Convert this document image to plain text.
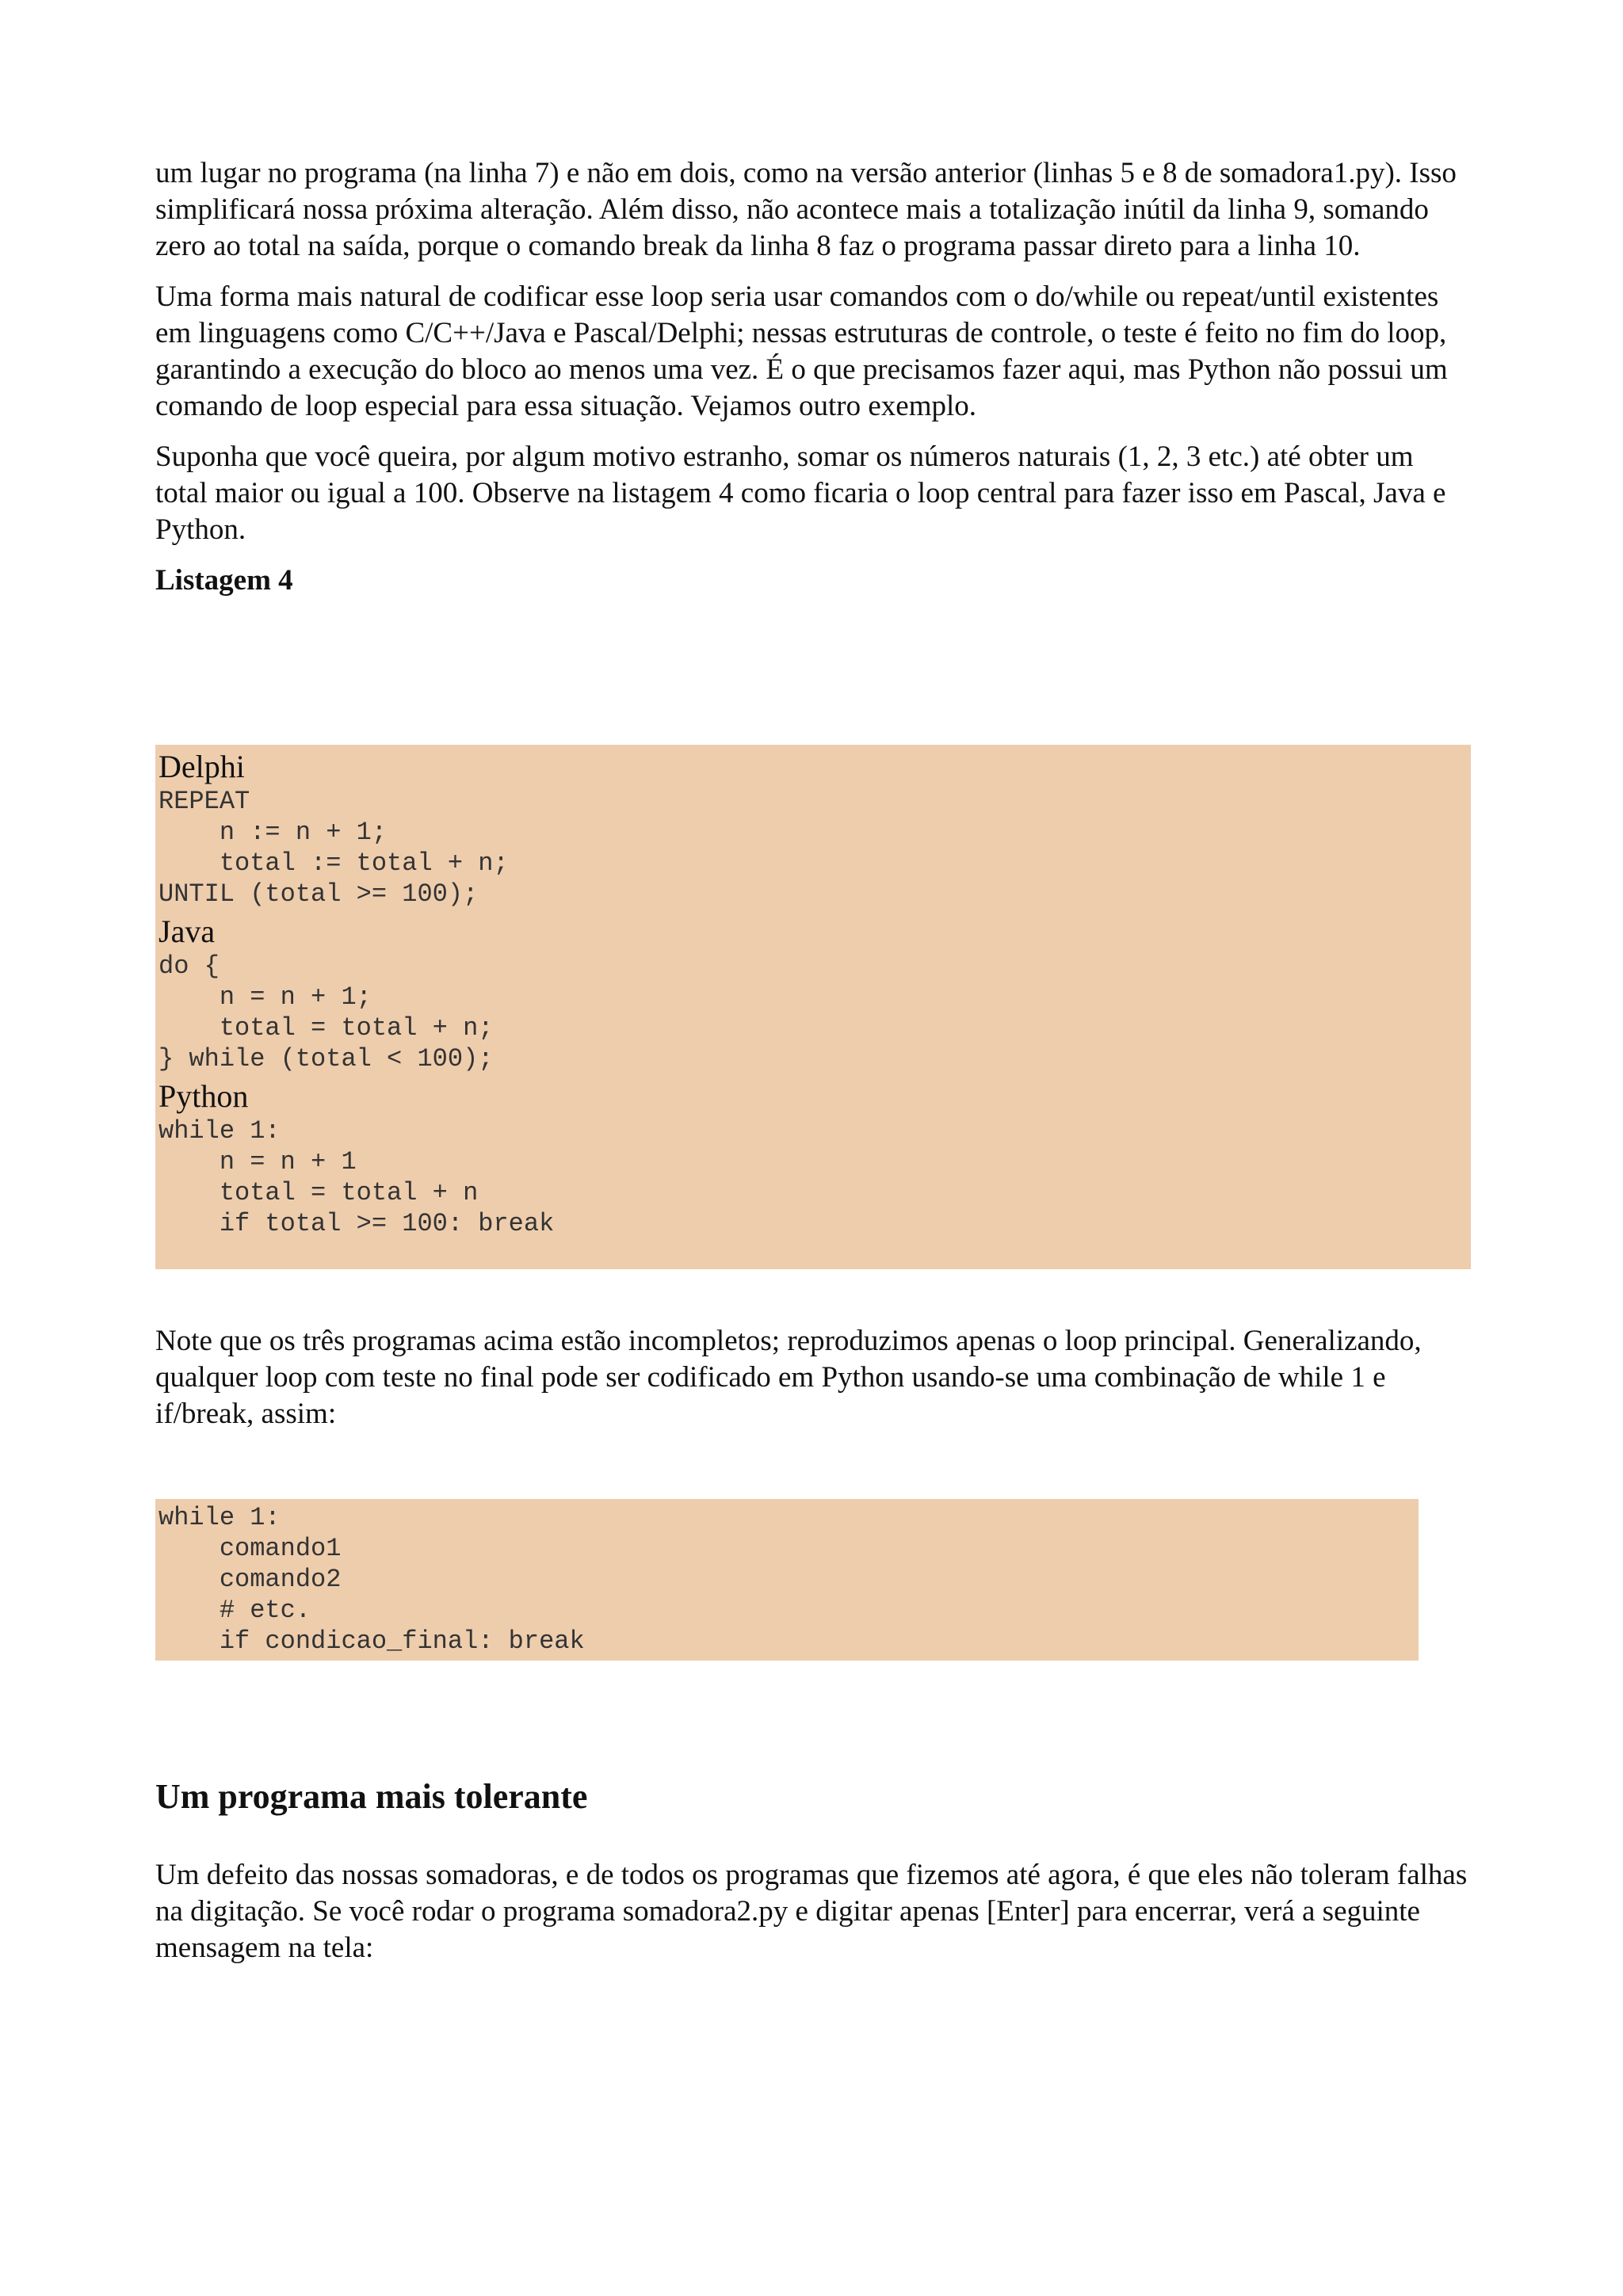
um lugar no programa (na linha 7) e não em dois, como na versão anterior (linhas 5 e 8 de somadora1.py). Isso simplificará nossa próxima alteração. Além disso, não acontece mais a totalização inútil da linha 9, somando zero ao total na saída, porque o comando break da linha 8 faz o programa passar direto para a linha 10.

Uma forma mais natural de codificar esse loop seria usar comandos com o do/while ou repeat/until existentes em linguagens como C/C++/Java e Pascal/Delphi; nessas estruturas de controle, o teste é feito no fim do loop, garantindo a execução do bloco ao menos uma vez. É o que precisamos fazer aqui, mas Python não possui um comando de loop especial para essa situação. Vejamos outro exemplo.

Suponha que você queira, por algum motivo estranho, somar os números naturais (1, 2, 3 etc.) até obter um total maior ou igual a 100. Observe na listagem 4 como ficaria o loop central para fazer isso em Pascal, Java e Python.

Listagem 4

Delphi

REPEAT
n := n + 1;
total := total + n;
UNTIL (total >= 100);

Java

do {
n = n + 1;
total = total + n;
} while (total < 100);

Python

while 1:
n = n + 1
total = total + n
if total >= 100: break

Note que os três programas acima estão incompletos; reproduzimos apenas o loop principal. Generalizando, qualquer loop com teste no final pode ser codificado em Python usando-se uma combinação de while 1 e if/break, assim:

while 1:
comando1
comando2
# etc.
if condicao_final: break
Um programa mais tolerante

Um defeito das nossas somadoras, e de todos os programas que fizemos até agora, é que eles não toleram falhas na digitação. Se você rodar o programa somadora2.py e digitar apenas [Enter] para encerrar, verá a seguinte mensagem na tela:
